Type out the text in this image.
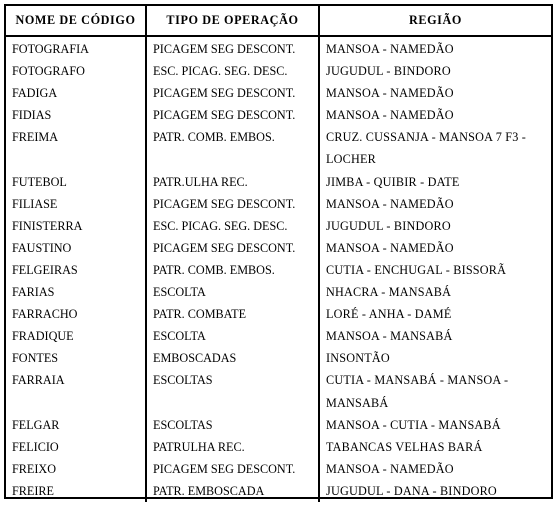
NOME DE CÓDIGO	TIPO DE OPERAÇÃO	REGIÃO
FOTOGRAFIA	PICAGEM SEG DESCONT.	MANSOA - NAMEDÃO
FOTOGRAFO	ESC. PICAG. SEG. DESC.	JUGUDUL - BINDORO
FADIGA	PICAGEM SEG DESCONT.	MANSOA - NAMEDÃO
FIDIAS	PICAGEM SEG DESCONT.	MANSOA - NAMEDÃO
FREIMA	PATR. COMB. EMBOS.	CRUZ. CUSSANJA - MANSOA 7 F3 - LOCHER
FUTEBOL	PATR.ULHA REC.	JIMBA - QUIBIR - DATE
FILIASE	PICAGEM SEG DESCONT.	MANSOA - NAMEDÃO
FINISTERRA	ESC. PICAG. SEG. DESC.	JUGUDUL - BINDORO
FAUSTINO	PICAGEM SEG DESCONT.	MANSOA - NAMEDÃO
FELGEIRAS	PATR. COMB. EMBOS.	CUTIA - ENCHUGAL - BISSORÃ
FARIAS	ESCOLTA	NHACRA - MANSABÁ
FARRACHO	PATR. COMBATE	LORÉ - ANHA - DAMÉ
FRADIQUE	ESCOLTA	MANSOA - MANSABÁ
FONTES	EMBOSCADAS	INSONTÃO
FARRAIA	ESCOLTAS	CUTIA - MANSABÁ - MANSOA - MANSABÁ
FELGAR	ESCOLTAS	MANSOA - CUTIA - MANSABÁ
FELICIO	PATRULHA REC.	TABANCAS VELHAS BARÁ
FREIXO	PICAGEM SEG DESCONT.	MANSOA - NAMEDÃO
FREIRE	PATR. EMBOSCADA	JUGUDUL - DANA - BINDORO
